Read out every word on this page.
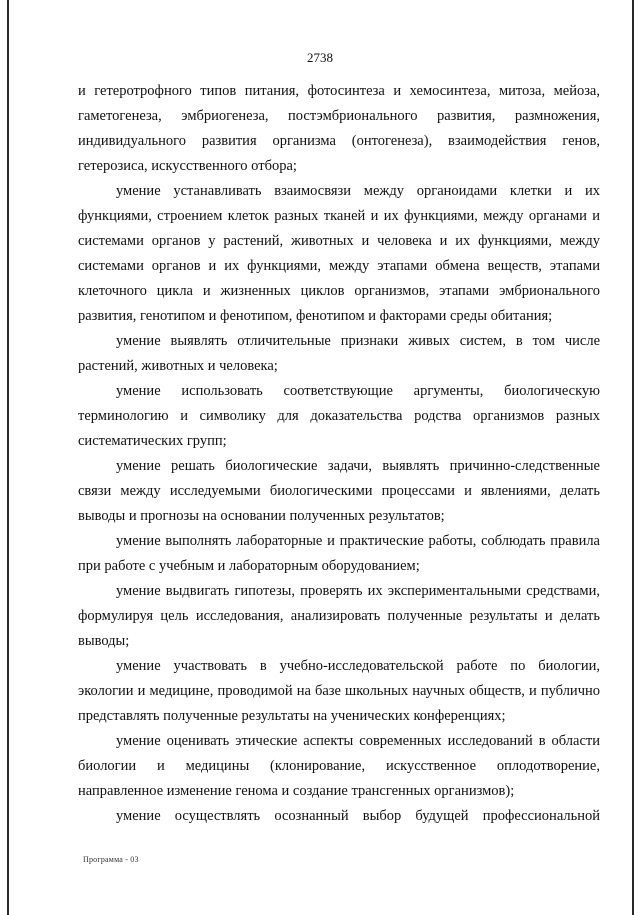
2738

и гетеротрофного типов питания, фотосинтеза и хемосинтеза, митоза, мейоза, гаметогенеза, эмбриогенеза, постэмбрионального развития, размножения, индивидуального развития организма (онтогенеза), взаимодействия генов, гетерозиса, искусственного отбора;

умение устанавливать взаимосвязи между органоидами клетки и их функциями, строением клеток разных тканей и их функциями, между органами и системами органов у растений, животных и человека и их функциями, между системами органов и их функциями, между этапами обмена веществ, этапами клеточного цикла и жизненных циклов организмов, этапами эмбрионального развития, генотипом и фенотипом, фенотипом и факторами среды обитания;

умение выявлять отличительные признаки живых систем, в том числе растений, животных и человека;

умение использовать соответствующие аргументы, биологическую терминологию и символику для доказательства родства организмов разных систематических групп;

умение решать биологические задачи, выявлять причинно-следственные связи между исследуемыми биологическими процессами и явлениями, делать выводы и прогнозы на основании полученных результатов;

умение выполнять лабораторные и практические работы, соблюдать правила при работе с учебным и лабораторным оборудованием;

умение выдвигать гипотезы, проверять их экспериментальными средствами, формулируя цель исследования, анализировать полученные результаты и делать выводы;

умение участвовать в учебно-исследовательской работе по биологии, экологии и медицине, проводимой на базе школьных научных обществ, и публично представлять полученные результаты на ученических конференциях;

умение оценивать этические аспекты современных исследований в области биологии и медицины (клонирование, искусственное оплодотворение, направленное изменение генома и создание трансгенных организмов);

умение осуществлять осознанный выбор будущей профессиональной

Программа - 03
